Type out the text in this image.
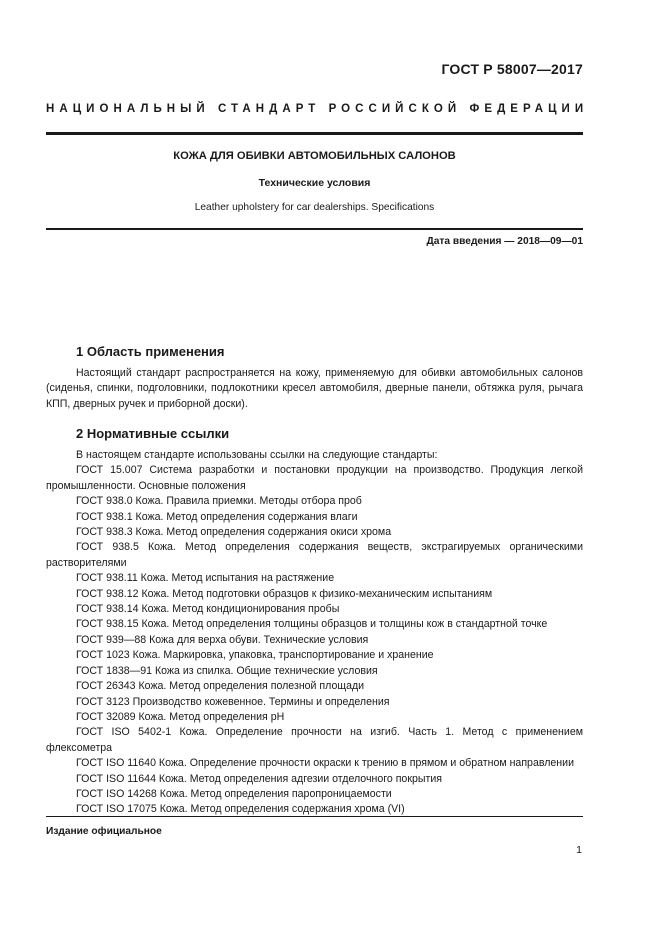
ГОСТ Р 58007—2017
НАЦИОНАЛЬНЫЙ СТАНДАРТ РОССИЙСКОЙ ФЕДЕРАЦИИ
КОЖА ДЛЯ ОБИВКИ АВТОМОБИЛЬНЫХ САЛОНОВ
Технические условия
Leather upholstery for car dealerships. Specifications
Дата введения — 2018—09—01
1 Область применения

Настоящий стандарт распространяется на кожу, применяемую для обивки автомобильных салонов (сиденья, спинки, подголовники, подлокотники кресел автомобиля, дверные панели, обтяжка руля, рычага КПП, дверных ручек и приборной доски).

2 Нормативные ссылки

В настоящем стандарте использованы ссылки на следующие стандарты:

ГОСТ 15.007 Система разработки и постановки продукции на производство. Продукция легкой промышленности. Основные положения
ГОСТ 938.0 Кожа. Правила приемки. Методы отбора проб
ГОСТ 938.1 Кожа. Метод определения содержания влаги
ГОСТ 938.3 Кожа. Метод определения содержания окиси хрома
ГОСТ 938.5 Кожа. Метод определения содержания веществ, экстрагируемых органическими растворителями
ГОСТ 938.11 Кожа. Метод испытания на растяжение
ГОСТ 938.12 Кожа. Метод подготовки образцов к физико-механическим испытаниям
ГОСТ 938.14 Кожа. Метод кондиционирования пробы
ГОСТ 938.15 Кожа. Метод определения толщины образцов и толщины кож в стандартной точке
ГОСТ 939—88 Кожа для верха обуви. Технические условия
ГОСТ 1023 Кожа. Маркировка, упаковка, транспортирование и хранение
ГОСТ 1838—91 Кожа из спилка. Общие технические условия
ГОСТ 26343 Кожа. Метод определения полезной площади
ГОСТ 3123 Производство кожевенное. Термины и определения
ГОСТ 32089 Кожа. Метод определения рН
ГОСТ ISO 5402-1 Кожа. Определение прочности на изгиб. Часть 1. Метод с применением флексометра
ГОСТ ISO 11640 Кожа. Определение прочности окраски к трению в прямом и обратном направлении
ГОСТ ISO 11644 Кожа. Метод определения адгезии отделочного покрытия
ГОСТ ISO 14268 Кожа. Метод определения паропроницаемости
ГОСТ ISO 17075 Кожа. Метод определения содержания хрома (VI)
Издание официальное
1
